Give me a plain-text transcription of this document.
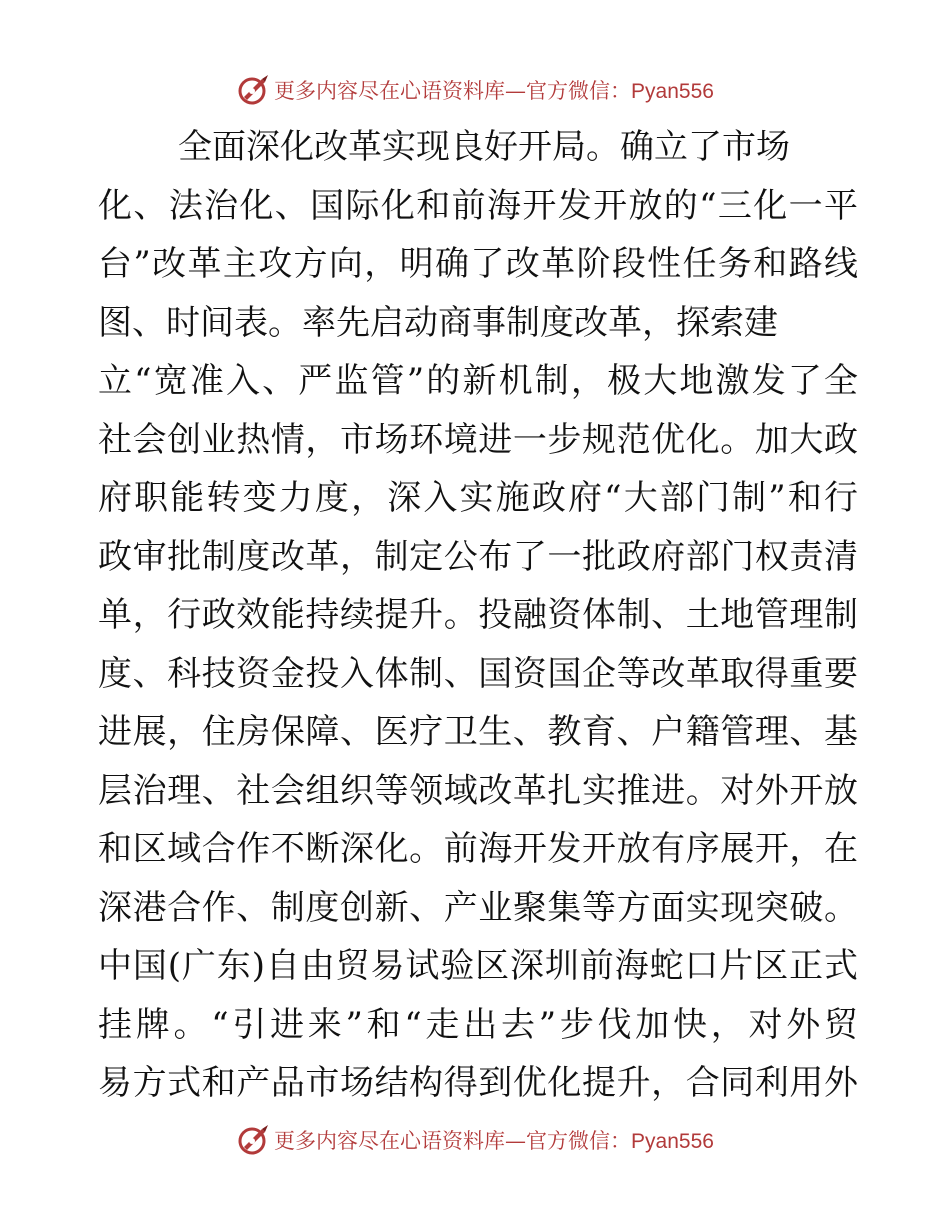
更多内容尽在心语资料库—官方微信：Pyan556
全面深化改革实现良好开局。确立了市场
化、法治化、国际化和前海开发开放的“三化一平
台”改革主攻方向，明确了改革阶段性任务和路线
图、时间表。率先启动商事制度改革，探索建
立“宽准入、严监管”的新机制，极大地激发了全
社会创业热情，市场环境进一步规范优化。加大政
府职能转变力度，深入实施政府“大部门制”和行
政审批制度改革，制定公布了一批政府部门权责清
单，行政效能持续提升。投融资体制、土地管理制
度、科技资金投入体制、国资国企等改革取得重要
进展，住房保障、医疗卫生、教育、户籍管理、基
层治理、社会组织等领域改革扎实推进。对外开放
和区域合作不断深化。前海开发开放有序展开，在
深港合作、制度创新、产业聚集等方面实现突破。
中国(广东)自由贸易试验区深圳前海蛇口片区正式
挂牌。“引进来”和“走出去”步伐加快，对外贸
易方式和产品市场结构得到优化提升，合同利用外
更多内容尽在心语资料库—官方微信：Pyan556
